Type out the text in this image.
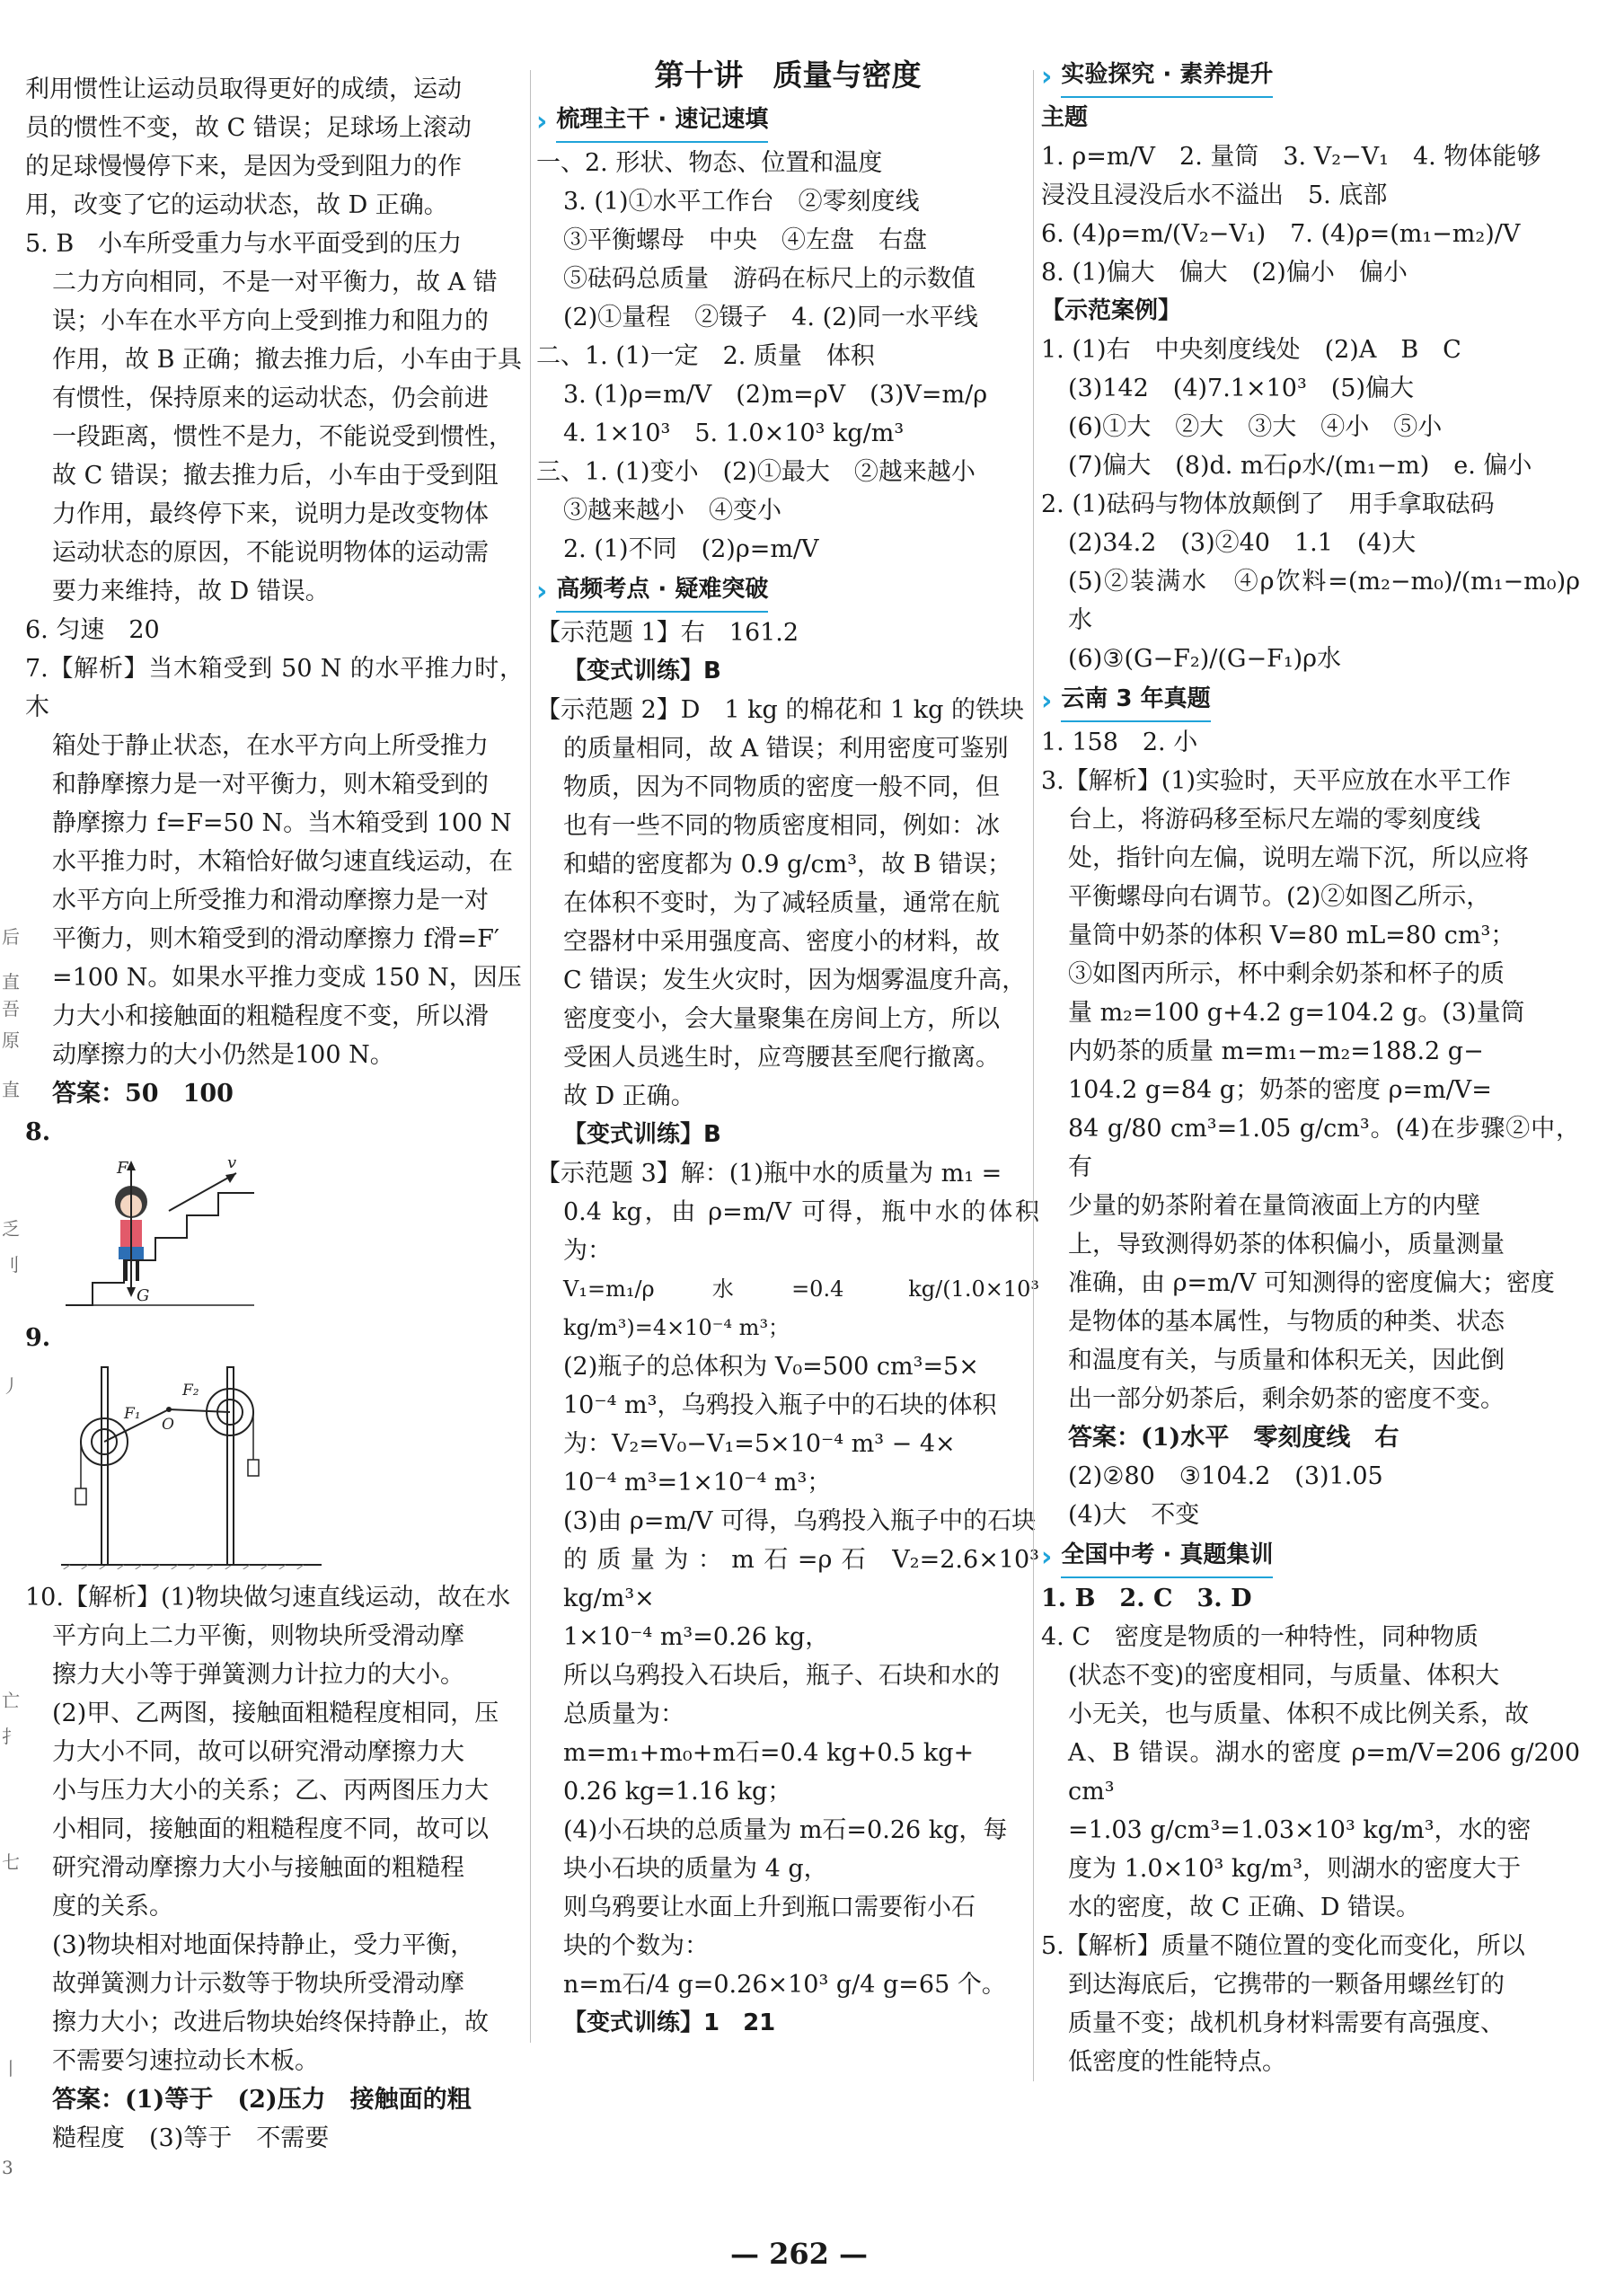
后
直
吾
原
直
乏
刂
丿
亡
扌
七
丨
3

利用惯性让运动员取得更好的成绩，运动

员的惯性不变，故 C 错误；足球场上滚动

的足球慢慢停下来，是因为受到阻力的作

用，改变了它的运动状态，故 D 正确。

5. B　小车所受重力与水平面受到的压力

二力方向相同，不是一对平衡力，故 A 错

误；小车在水平方向上受到推力和阻力的

作用，故 B 正确；撤去推力后，小车由于具

有惯性，保持原来的运动状态，仍会前进

一段距离，惯性不是力，不能说受到惯性，

故 C 错误；撤去推力后，小车由于受到阻

力作用，最终停下来，说明力是改变物体

运动状态的原因，不能说明物体的运动需

要力来维持，故 D 错误。

6. 匀速　20

7.【解析】当木箱受到 50 N 的水平推力时，木

箱处于静止状态，在水平方向上所受推力

和静摩擦力是一对平衡力，则木箱受到的

静摩擦力 f=F=50 N。当木箱受到 100 N

水平推力时，木箱恰好做匀速直线运动，在

水平方向上所受推力和滑动摩擦力是一对

平衡力，则木箱受到的滑动摩擦力 f滑=F′

=100 N。如果水平推力变成 150 N，因压

力大小和接触面的粗糙程度不变，所以滑

动摩擦力的大小仍然是100 N。

答案：50　100

8.

v
F
G

9.

F₁
F₂
O

10.【解析】(1)物块做匀速直线运动，故在水

平方向上二力平衡，则物块所受滑动摩

擦力大小等于弹簧测力计拉力的大小。

(2)甲、乙两图，接触面粗糙程度相同，压

力大小不同，故可以研究滑动摩擦力大

小与压力大小的关系；乙、丙两图压力大

小相同，接触面的粗糙程度不同，故可以

研究滑动摩擦力大小与接触面的粗糙程

度的关系。

(3)物块相对地面保持静止，受力平衡，

故弹簧测力计示数等于物块所受滑动摩

擦力大小；改进后物块始终保持静止，故

不需要匀速拉动长木板。

答案：(1)等于　(2)压力　接触面的粗

糙程度　(3)等于　不需要

第十讲　质量与密度
› 梳理主干 · 速记速填

一、2. 形状、物态、位置和温度

3. (1)①水平工作台　②零刻度线

③平衡螺母　中央　④左盘　右盘

⑤砝码总质量　游码在标尺上的示数值

(2)①量程　②镊子　4. (2)同一水平线

二、1. (1)一定　2. 质量　体积

3. (1)ρ=m/V　(2)m=ρV　(3)V=m/ρ

4. 1×10³　5. 1.0×10³ kg/m³

三、1. (1)变小　(2)①最大　②越来越小

③越来越小　④变小

2. (1)不同　(2)ρ=m/V

› 高频考点 · 疑难突破

【示范题 1】右　161.2

【变式训练】B

【示范题 2】D　1 kg 的棉花和 1 kg 的铁块

的质量相同，故 A 错误；利用密度可鉴别

物质，因为不同物质的密度一般不同，但

也有一些不同的物质密度相同，例如：冰

和蜡的密度都为 0.9 g/cm³，故 B 错误；

在体积不变时，为了减轻质量，通常在航

空器材中采用强度高、密度小的材料，故

C 错误；发生火灾时，因为烟雾温度升高，

密度变小，会大量聚集在房间上方，所以

受困人员逃生时，应弯腰甚至爬行撤离。

故 D 正确。

【变式训练】B

【示范题 3】解：(1)瓶中水的质量为 m₁ =

0.4 kg，由 ρ=m/V 可得，瓶中水的体积为：

V₁=m₁/ρ水=0.4 kg/(1.0×10³ kg/m³)=4×10⁻⁴ m³；

(2)瓶子的总体积为 V₀=500 cm³=5×

10⁻⁴ m³，乌鸦投入瓶子中的石块的体积

为：V₂=V₀−V₁=5×10⁻⁴ m³ − 4×

10⁻⁴ m³=1×10⁻⁴ m³；

(3)由 ρ=m/V 可得，乌鸦投入瓶子中的石块

的质量为：m石=ρ石 V₂=2.6×10³ kg/m³×

1×10⁻⁴ m³=0.26 kg，

所以乌鸦投入石块后，瓶子、石块和水的

总质量为：

m=m₁+m₀+m石=0.4 kg+0.5 kg+

0.26 kg=1.16 kg；

(4)小石块的总质量为 m石=0.26 kg，每

块小石块的质量为 4 g，

则乌鸦要让水面上升到瓶口需要衔小石

块的个数为：

n=m石/4 g=0.26×10³ g/4 g=65 个。

【变式训练】1　21

› 实验探究 · 素养提升

主题

1. ρ=m/V　2. 量筒　3. V₂−V₁　4. 物体能够

浸没且浸没后水不溢出　5. 底部

6. (4)ρ=m/(V₂−V₁)　7. (4)ρ=(m₁−m₂)/V

8. (1)偏大　偏大　(2)偏小　偏小

【示范案例】

1. (1)右　中央刻度线处　(2)A　B　C

(3)142　(4)7.1×10³　(5)偏大

(6)①大　②大　③大　④小　⑤小

(7)偏大　(8)d. m石ρ水/(m₁−m)　e. 偏小

2. (1)砝码与物体放颠倒了　用手拿取砝码

(2)34.2　(3)②40　1.1　(4)大

(5)②装满水　④ρ饮料=(m₂−m₀)/(m₁−m₀)ρ水

(6)③(G−F₂)/(G−F₁)ρ水

› 云南 3 年真题

1. 158　2. 小

3.【解析】(1)实验时，天平应放在水平工作

台上，将游码移至标尺左端的零刻度线

处，指针向左偏，说明左端下沉，所以应将

平衡螺母向右调节。(2)②如图乙所示，

量筒中奶茶的体积 V=80 mL=80 cm³；

③如图丙所示，杯中剩余奶茶和杯子的质

量 m₂=100 g+4.2 g=104.2 g。(3)量筒

内奶茶的质量 m=m₁−m₂=188.2 g−

104.2 g=84 g；奶茶的密度 ρ=m/V=

84 g/80 cm³=1.05 g/cm³。(4)在步骤②中，有

少量的奶茶附着在量筒液面上方的内壁

上，导致测得奶茶的体积偏小，质量测量

准确，由 ρ=m/V 可知测得的密度偏大；密度

是物体的基本属性，与物质的种类、状态

和温度有关，与质量和体积无关，因此倒

出一部分奶茶后，剩余奶茶的密度不变。

答案：(1)水平　零刻度线　右

(2)②80　③104.2　(3)1.05

(4)大　不变

› 全国中考 · 真题集训

1. B　2. C　3. D

4. C　密度是物质的一种特性，同种物质

(状态不变)的密度相同，与质量、体积大

小无关，也与质量、体积不成比例关系，故

A、B 错误。湖水的密度 ρ=m/V=206 g/200 cm³

=1.03 g/cm³=1.03×10³ kg/m³，水的密

度为 1.0×10³ kg/m³，则湖水的密度大于

水的密度，故 C 正确、D 错误。

5.【解析】质量不随位置的变化而变化，所以

到达海底后，它携带的一颗备用螺丝钉的

质量不变；战机机身材料需要有高强度、

低密度的性能特点。

— 262 —
